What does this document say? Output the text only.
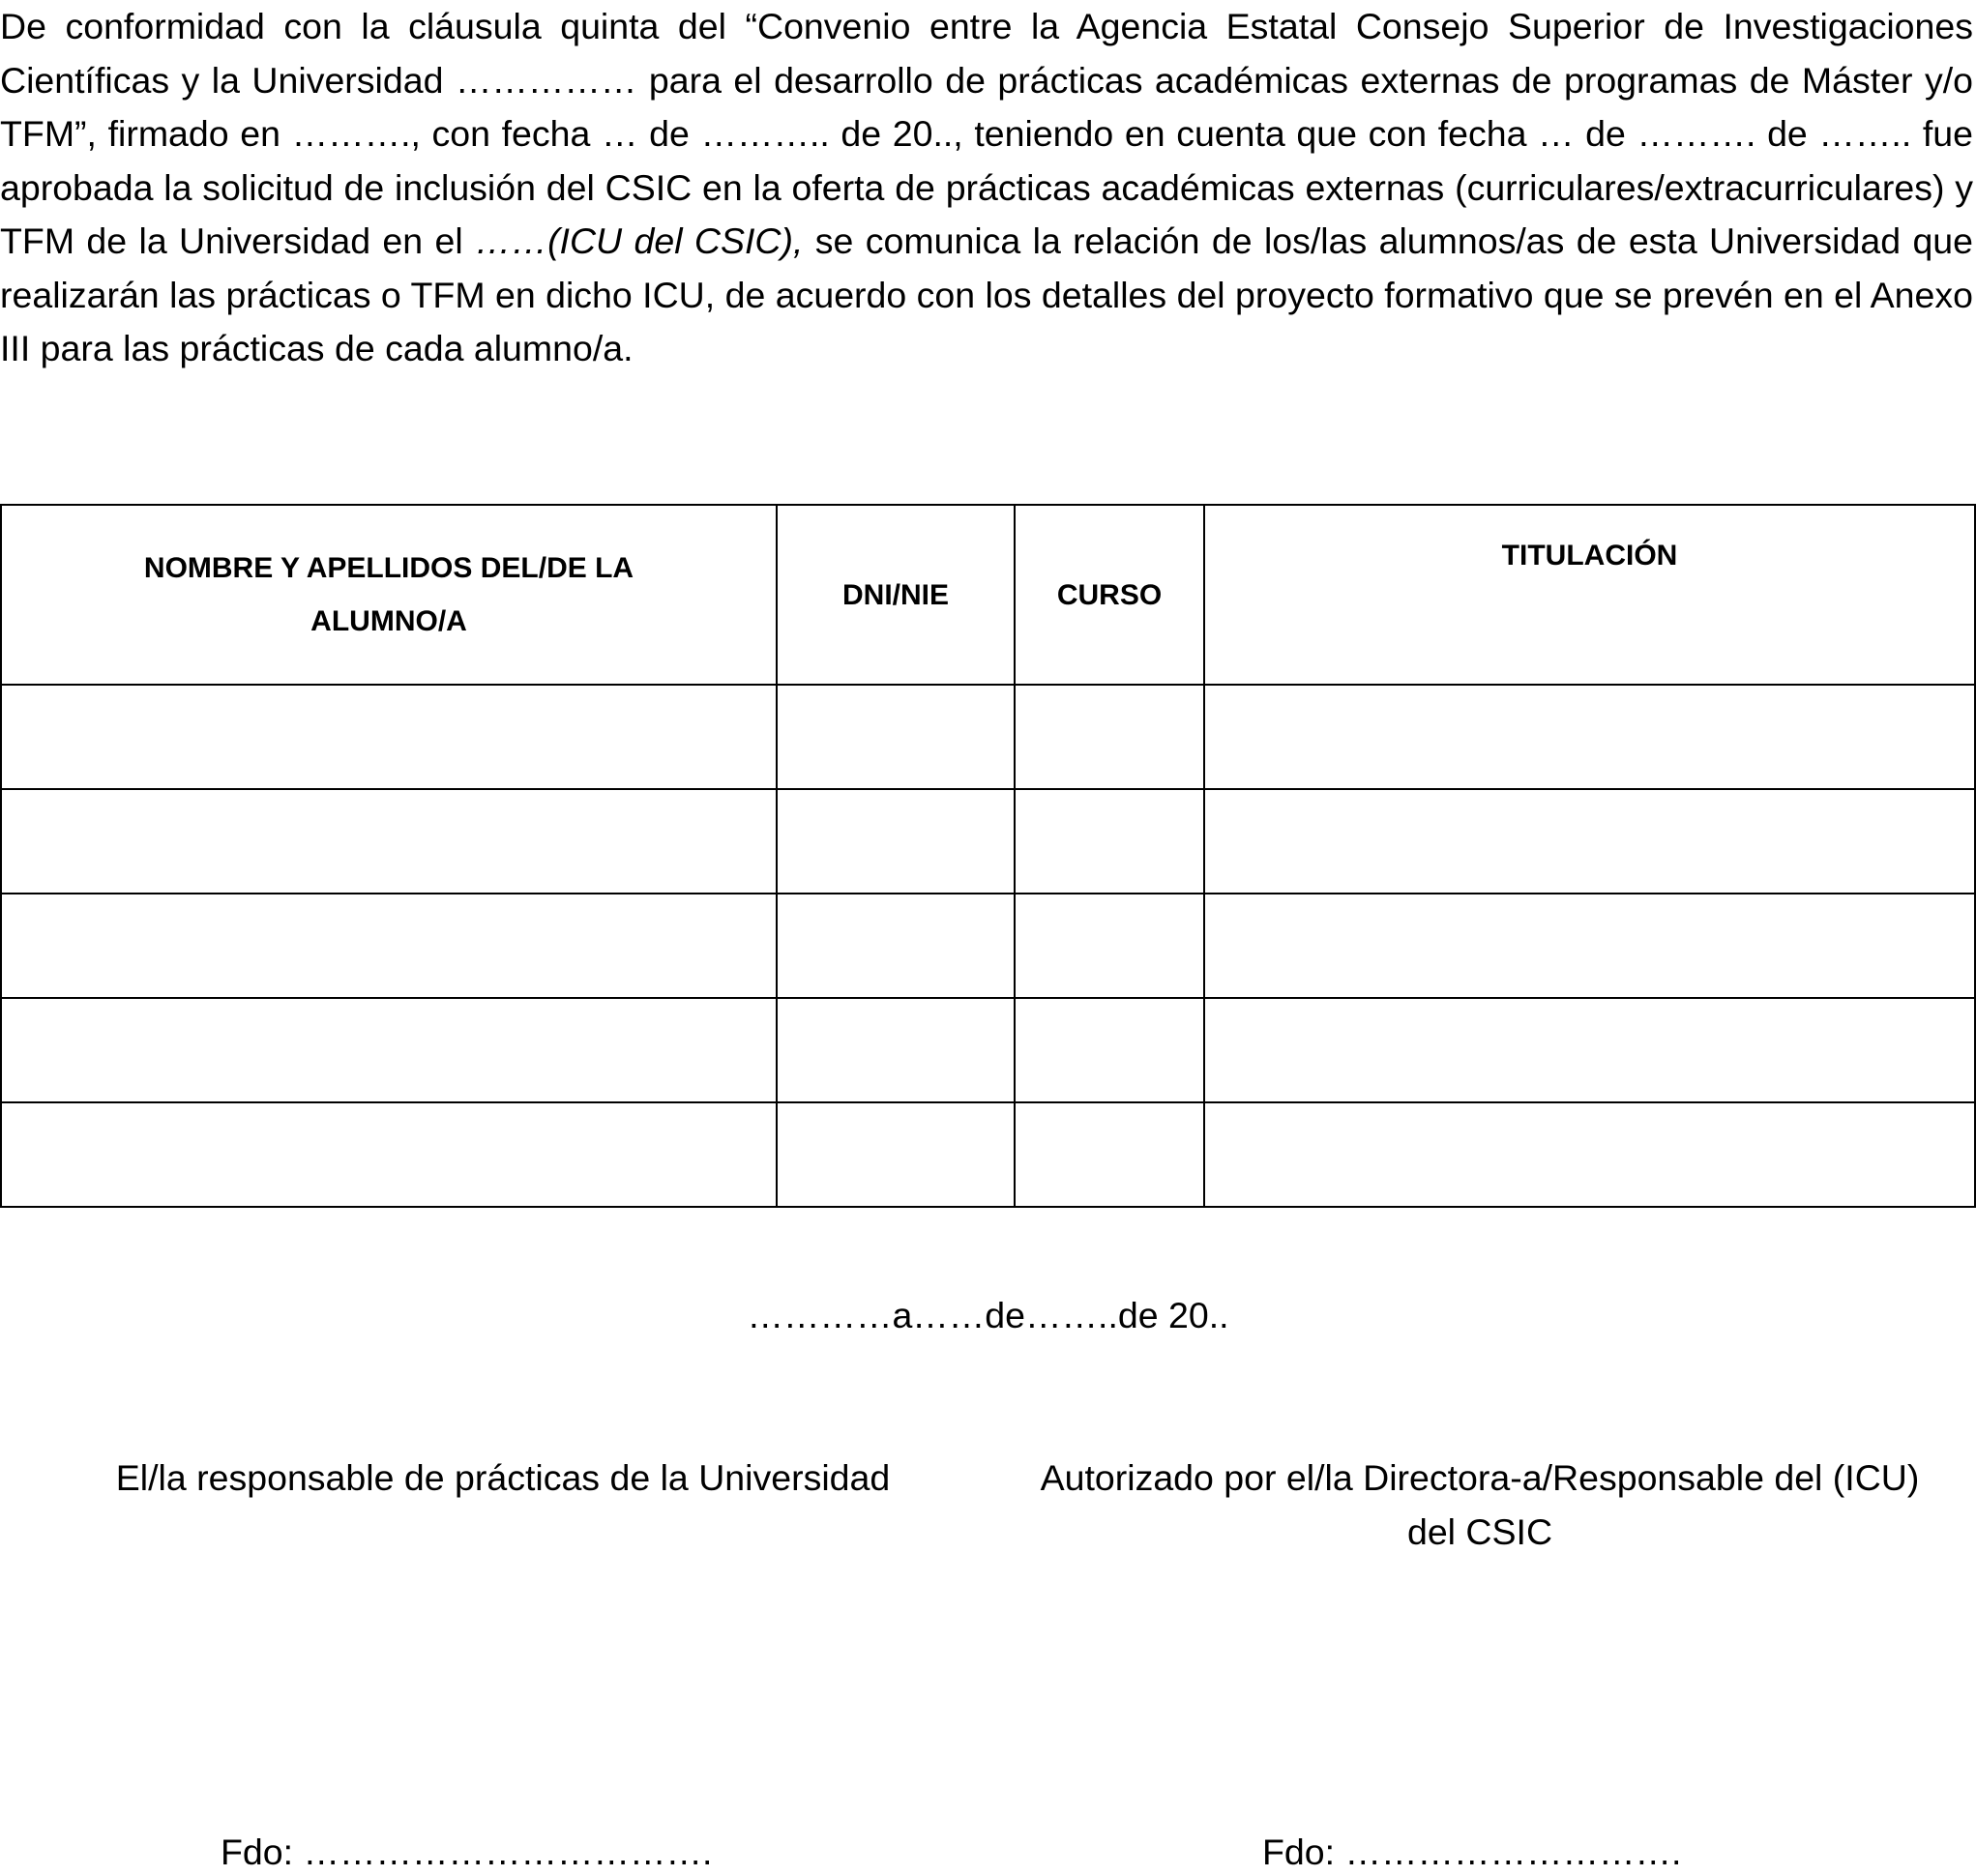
De conformidad con la cláusula quinta del “Convenio entre la Agencia Estatal Consejo Superior de Investigaciones Científicas y la Universidad …………… para el desarrollo de prácticas académicas externas de programas de Máster y/o TFM”, firmado en ………., con fecha … de ……….. de 20.., teniendo en cuenta que con fecha … de ………. de …….. fue aprobada la solicitud de inclusión del CSIC en la oferta de prácticas académicas externas (curriculares/extracurriculares) y TFM de la Universidad en el ……(ICU del CSIC), se comunica la relación de los/las alumnos/as de esta Universidad que realizarán las prácticas o TFM en dicho ICU, de acuerdo con los detalles del proyecto formativo que se prevén en el Anexo III para las prácticas de cada alumno/a.

NOMBRE Y APELLIDOS DEL/DE LA ALUMNO/A	DNI/NIE	CURSO	TITULACIÓN

…………a……de……..de 20..
El/la responsable de prácticas de la Universidad	Autorizado por el/la Directora-a/Responsable del (ICU) del CSIC
Fdo: …………………………….	Fdo: ……………………….
